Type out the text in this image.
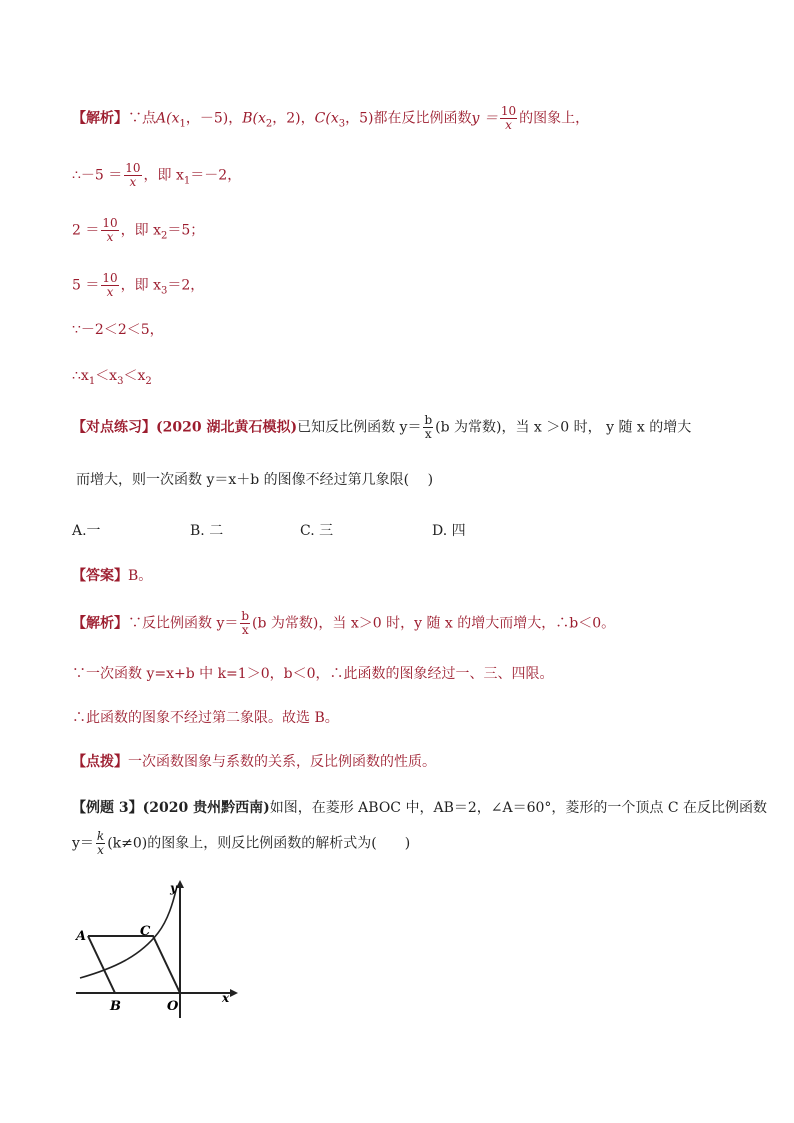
【解析】∵点$A(x_1$，－5)，$B(x_2$，2)，$C(x_3$，5)都在反比例函数$y = \frac{10}{x}$ 的图象上，
∴－5 ＝ $\frac{10}{x}$ ，即 $x_1=-2$，
$2 = \frac{10}{x}$ ，即 $x_2=5$；
$5 = \frac{10}{x}$ ，即 $x_3=2$，
∵－2＜2＜5，
$\therefore x_1<x_3<x_2$
【对点练习】(2020 湖北黄石模拟)已知反比例函数 $y= \frac{b}{x} (b$ 为常数)，当 x ＞0 时， y 随 x 的增大
而增大，则一次函数 y＝x＋b 的图像不经过第几象限(　 )
A.一	B. 二	C. 三	D. 四
【答案】B。
【解析】∵反比例函数 $y= \frac{b}{x} (b$ 为常数)，当 x＞0 时，y 随 x 的增大而增大，∴b＜0。
∵一次函数 y=x+b 中 k=1＞0，b＜0，∴此函数的图象经过一、三、四限。
∴此函数的图象不经过第二象限。故选 B。
【点拨】一次函数图象与系数的关系，反比例函数的性质。
【例题 3】(2020 贵州黔西南)如图，在菱形 ABOC 中，AB＝2，∠A＝60°，菱形的一个顶点 C 在反比例函数
$y= \frac{k}{x} (k\ne 0)$的图象上，则反比例函数的解析式为(　　)
A	C
B	O
x
y
